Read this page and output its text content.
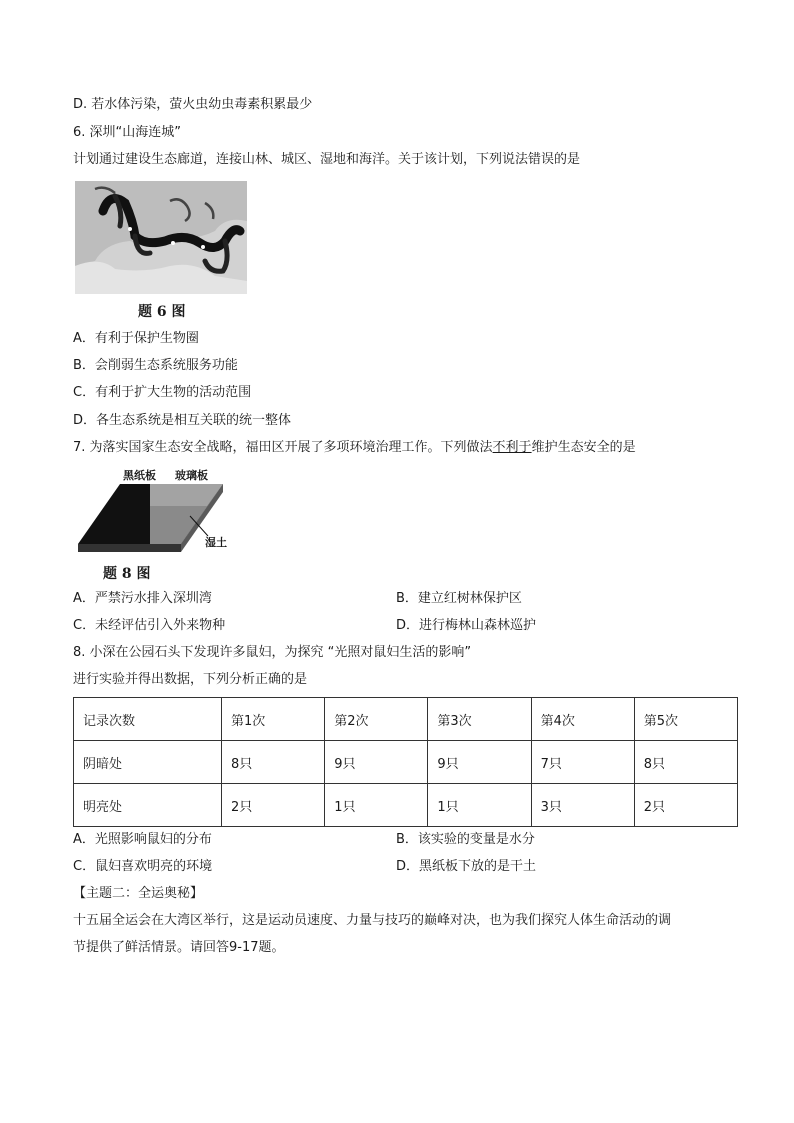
D. 若水体污染，萤火虫幼虫毒素积累最少
6. 深圳“山海连城”
计划通过建设生态廊道，连接山林、城区、湿地和海洋。关于该计划，下列说法错误的是
题 6 图
A．有利于保护生物圈
B．会削弱生态系统服务功能
C．有利于扩大生物的活动范围
D．各生态系统是相互关联的统一整体
7. 为落实国家生态安全战略，福田区开展了多项环境治理工作。下列做法不利于维护生态安全的是
黑纸板 玻璃板
湿土
题 8 图
A．严禁污水排入深圳湾	B．建立红树林保护区
C．未经评估引入外来物种	D．进行梅林山森林巡护
8. 小深在公园石头下发现许多鼠妇，为探究 “光照对鼠妇生活的影响”
进行实验并得出数据，下列分析正确的是
记录次数	第1次	第2次	第3次	第4次	第5次
阴暗处	8只	9只	9只	7只	8只
明亮处	2只	1只	1只	3只	2只
A．光照影响鼠妇的分布	B．该实验的变量是水分
C．鼠妇喜欢明亮的环境	D．黑纸板下放的是干土
【主题二：全运奥秘】
十五届全运会在大湾区举行，这是运动员速度、力量与技巧的巅峰对决，也为我们探究人体生命活动的调
节提供了鲜活情景。请回答9-17题。
